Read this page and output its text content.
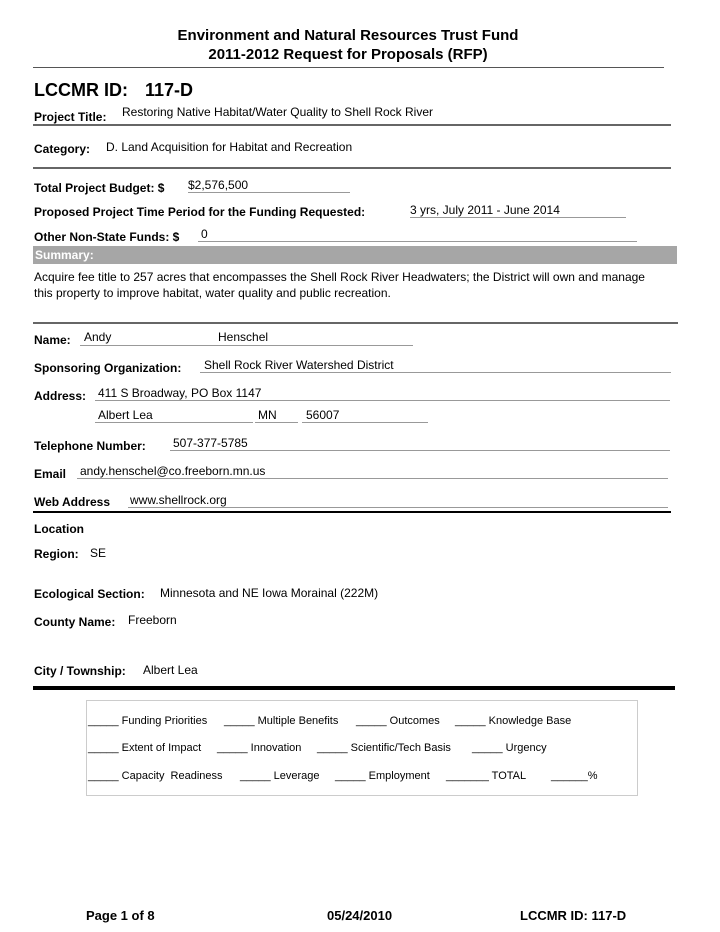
Environment and Natural Resources Trust Fund
2011-2012 Request for Proposals (RFP)
LCCMR ID: 117-D
Project Title: Restoring Native Habitat/Water Quality to Shell Rock River
Category: D. Land Acquisition for Habitat and Recreation
Total Project Budget: $ $2,576,500
Proposed Project Time Period for the Funding Requested:	3 yrs, July 2011 - June 2014
Other Non-State Funds: $ 0
Summary:
Acquire fee title to 257 acres that encompasses the Shell Rock River Headwaters; the District will own and manage this property to improve habitat, water quality and public recreation.
Name: Andy	Henschel
Sponsoring Organization:	Shell Rock River Watershed District
Address: 411 S Broadway, PO Box 1147
Albert Lea	MN	56007
Telephone Number: 507-377-5785
Email andy.henschel@co.freeborn.mn.us
Web Address www.shellrock.org
Location
Region: SE
Ecological Section: Minnesota and NE Iowa Morainal (222M)
County Name: Freeborn
City / Township: Albert Lea
_____ Funding Priorities _____ Multiple Benefits _____ Outcomes _____ Knowledge Base
_____ Extent of Impact _____ Innovation _____ Scientific/Tech Basis _____ Urgency
_____ Capacity  Readiness _____ Leverage _____ Employment _______ TOTAL ______%
Page 1 of 8	05/24/2010	LCCMR ID: 117-D
